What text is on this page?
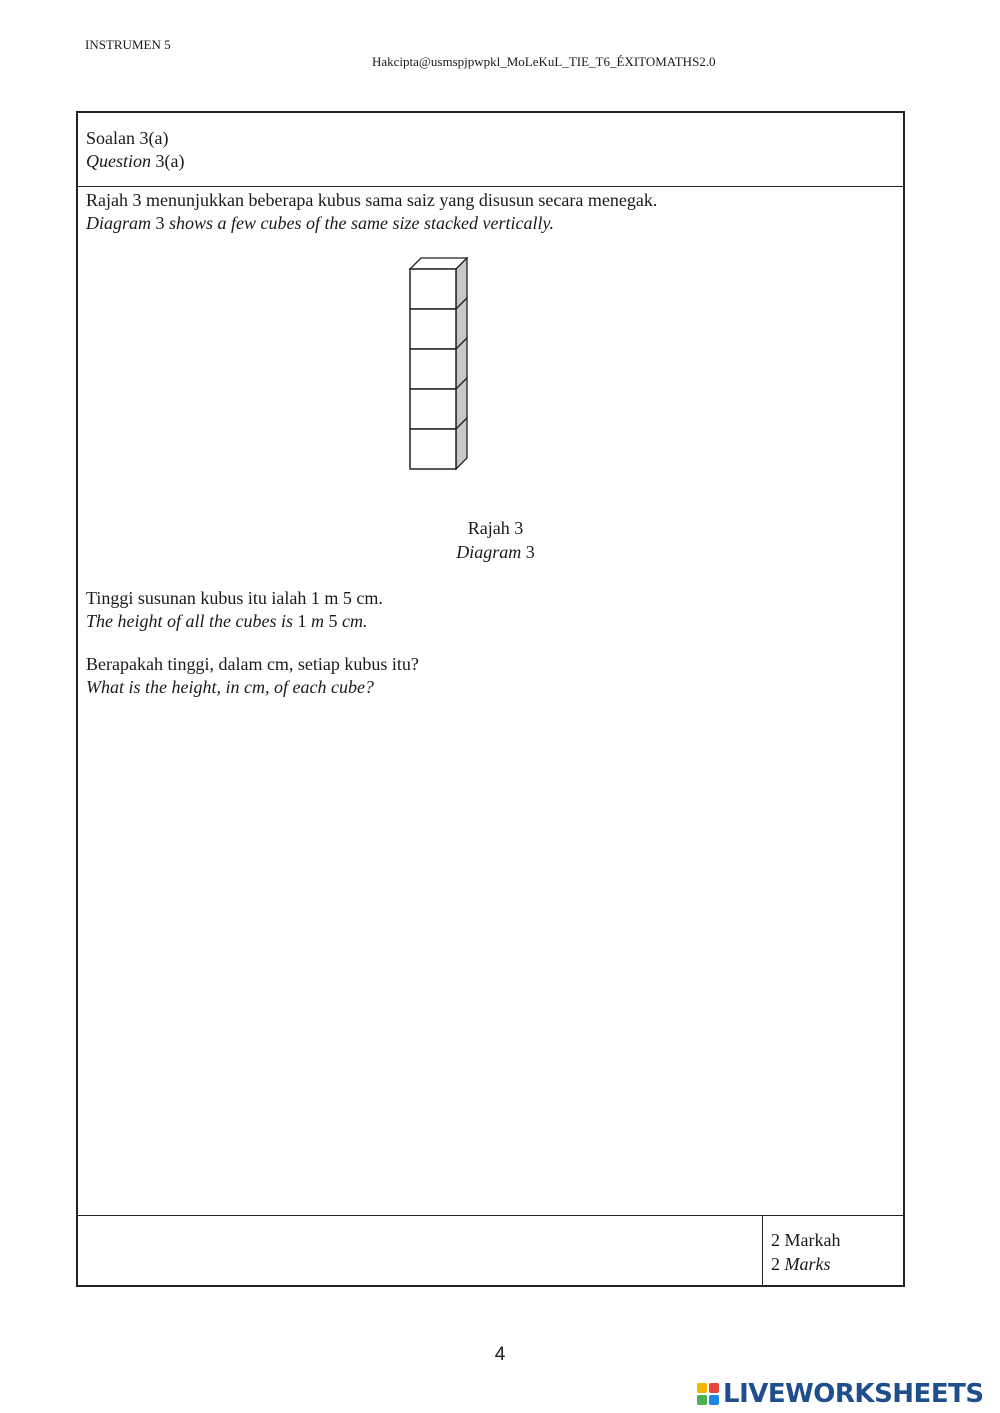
INSTRUMEN 5
Hakcipta@usmspjpwpkl_MoLeKuL_TIE_T6_ÉXITOMATHS2.0
Soalan 3(a)
Question 3(a)
Rajah 3 menunjukkan beberapa kubus sama saiz yang disusun secara menegak.
Diagram 3 shows a few cubes of the same size stacked vertically.
Rajah 3
Diagram 3
Tinggi susunan kubus itu ialah 1 m 5 cm.
The height of all the cubes is 1 m 5 cm.
Berapakah tinggi, dalam cm, setiap kubus itu?
What is the height, in cm, of each cube?
2 Markah
2 Marks
4
LIVEWORKSHEETS
